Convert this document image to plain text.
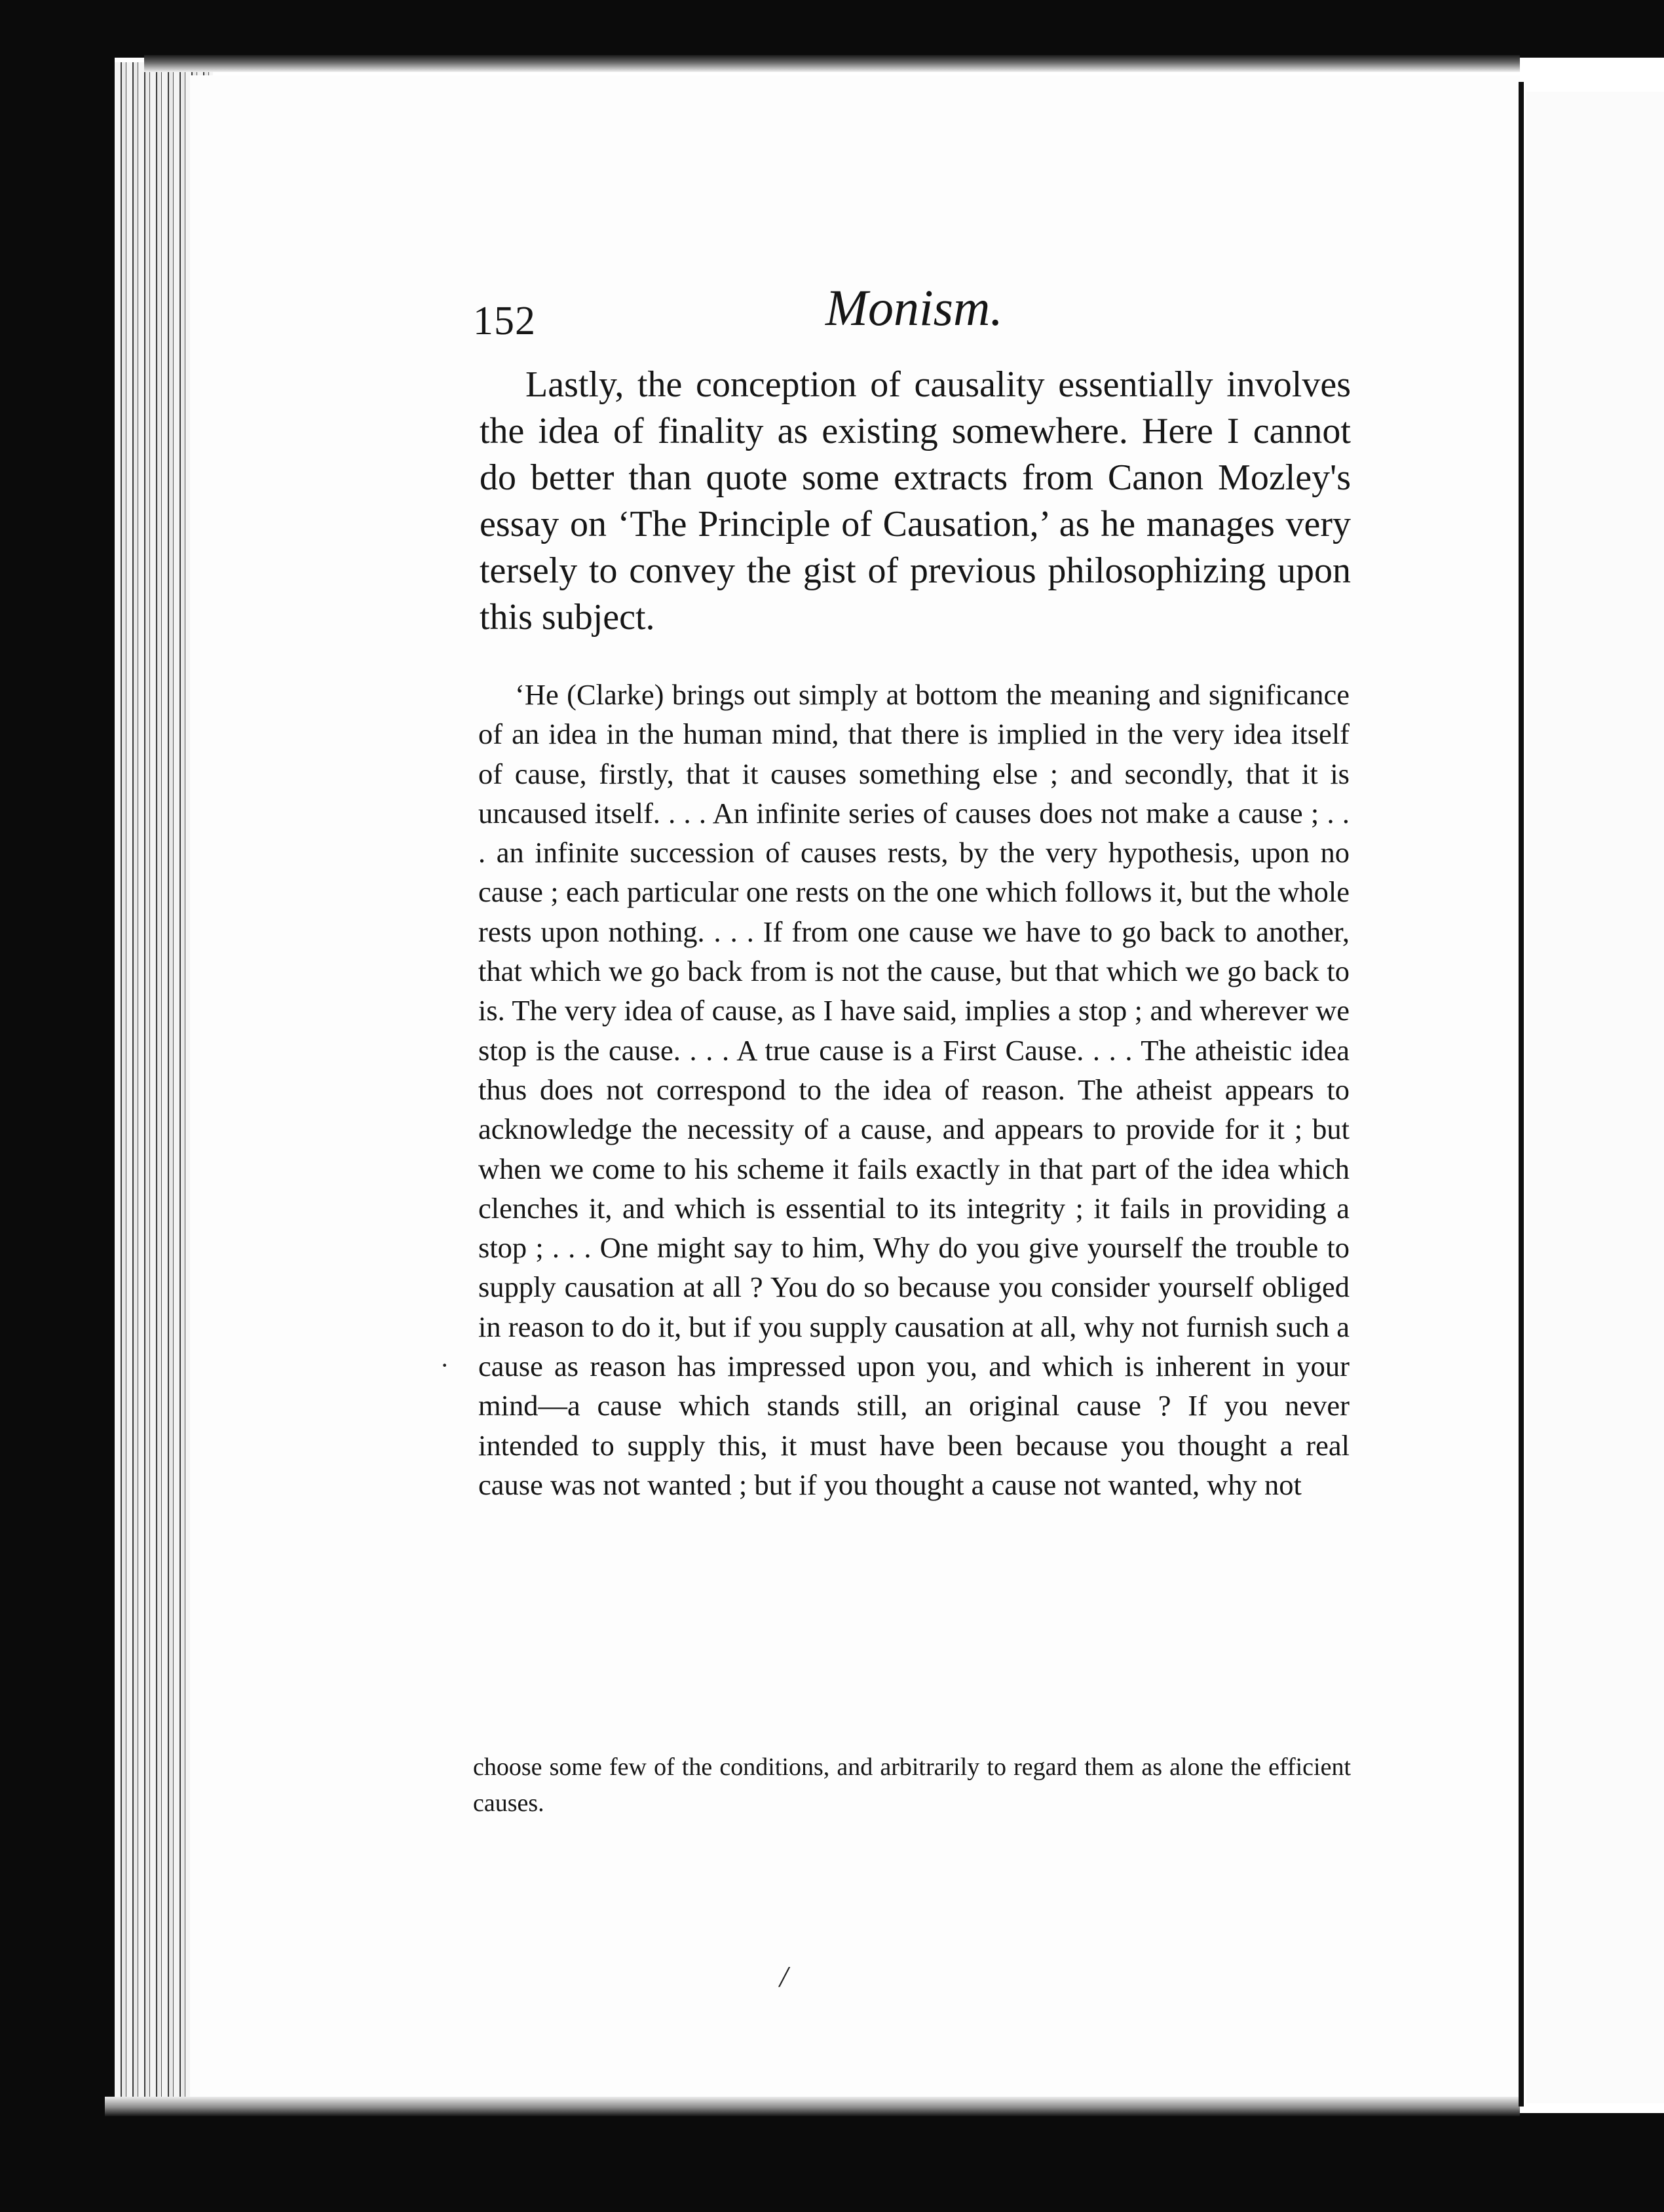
152	Monism.

Lastly, the conception of causality essentially involves the idea of finality as existing somewhere. Here I cannot do better than quote some extracts from Canon Mozley's essay on ‘The Principle of Causation,’ as he manages very tersely to convey the gist of previous philosophizing upon this subject.

‘He (Clarke) brings out simply at bottom the meaning and significance of an idea in the human mind, that there is implied in the very idea itself of cause, firstly, that it causes something else ; and secondly, that it is uncaused itself. . . . An infinite series of causes does not make a cause ; . . . an infinite succession of causes rests, by the very hypothesis, upon no cause ; each particular one rests on the one which follows it, but the whole rests upon nothing. . . . If from one cause we have to go back to another, that which we go back from is not the cause, but that which we go back to is. The very idea of cause, as I have said, implies a stop ; and wherever we stop is the cause. . . . A true cause is a First Cause. . . . The atheistic idea thus does not correspond to the idea of reason. The atheist appears to acknowledge the necessity of a cause, and appears to provide for it ; but when we come to his scheme it fails exactly in that part of the idea which clenches it, and which is essential to its integrity ; it fails in providing a stop ; . . . One might say to him, Why do you give yourself the trouble to supply causation at all ? You do so because you consider yourself obliged in reason to do it, but if you supply causation at all, why not furnish such a cause as reason has impressed upon you, and which is inherent in your mind—a cause which stands still, an original cause ? If you never intended to supply this, it must have been because you thought a real cause was not wanted ; but if you thought a cause not wanted, why not

choose some few of the conditions, and arbitrarily to regard them as alone the efficient causes.

·
/
